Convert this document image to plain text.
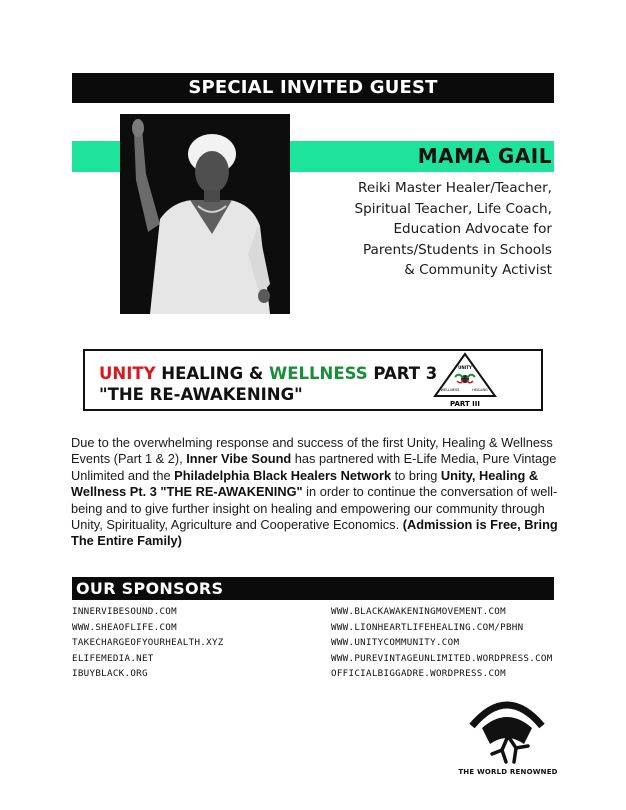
SPECIAL INVITED GUEST
MAMA GAIL
Reiki Master Healer/Teacher,
Spiritual Teacher, Life Coach,
Education Advocate for
Parents/Students in Schools
& Community Activist
UNITY HEALING & WELLNESS PART 3
"THE RE-AWAKENING"
UNITY
WELLNESS	HEALING
PART III
Due to the overwhelming response and success of the first Unity, Healing & Wellness Events (Part 1 & 2), Inner Vibe Sound has partnered with E-Life Media, Pure Vintage Unlimited and the Philadelphia Black Healers Network to bring Unity, Healing & Wellness Pt. 3 "THE RE-AWAKENING" in order to continue the conversation of well-being and to give further insight on healing and empowering our community through Unity, Spirituality, Agriculture and Cooperative Economics. (Admission is Free, Bring The Entire Family)
OUR SPONSORS
INNERVIBESOUND.COM
WWW.SHEAOFLIFE.COM
TAKECHARGEOFYOURHEALTH.XYZ
ELIFEMEDIA.NET
IBUYBLACK.ORG
WWW.BLACKAWAKENINGMOVEMENT.COM
WWW.LIONHEARTLIFEHEALING.COM/PBHN
WWW.UNITYCOMMUNITY.COM
WWW.PUREVINTAGEUNLIMITED.WORDPRESS.COM
OFFICIALBIGGADRE.WORDPRESS.COM
THE WORLD RENOWNED
